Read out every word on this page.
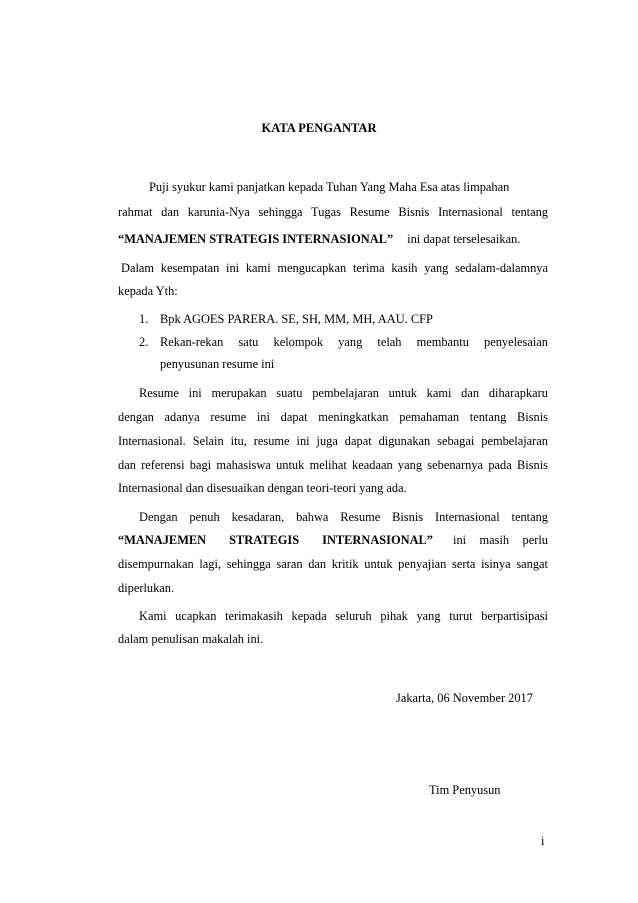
KATA PENGANTAR
Puji syukur kami panjatkan kepada Tuhan Yang Maha Esa atas limpahan
rahmat dan karunia-Nya sehingga Tugas Resume Bisnis Internasional tentang
“MANAJEMEN STRATEGIS INTERNASIONAL” ini dapat terselesaikan.
Dalam kesempatan ini kami mengucapkan terima kasih yang sedalam-dalamnya
kepada Yth:
1. Bpk AGOES PARERA. SE, SH, MM, MH, AAU. CFP
2. Rekan-rekan satu kelompok yang telah membantu penyelesaian
penyusunan resume ini
Resume ini merupakan suatu pembelajaran untuk kami dan diharapkaru
dengan adanya resume ini dapat meningkatkan pemahaman tentang Bisnis
Internasional. Selain itu, resume ini juga dapat digunakan sebagai pembelajaran
dan referensi bagi mahasiswa untuk melihat keadaan yang sebenarnya pada Bisnis
Internasional dan disesuaikan dengan teori-teori yang ada.
Dengan penuh kesadaran, bahwa Resume Bisnis Internasional tentang
“MANAJEMEN STRATEGIS INTERNASIONAL” ini masih perlu
disempurnakan lagi, sehingga saran dan kritik untuk penyajian serta isinya sangat
diperlukan.
Kami ucapkan terimakasih kepada seluruh pihak yang turut berpartisipasi
dalam penulisan makalah ini.
Jakarta, 06 November 2017
Tim Penyusun
i
